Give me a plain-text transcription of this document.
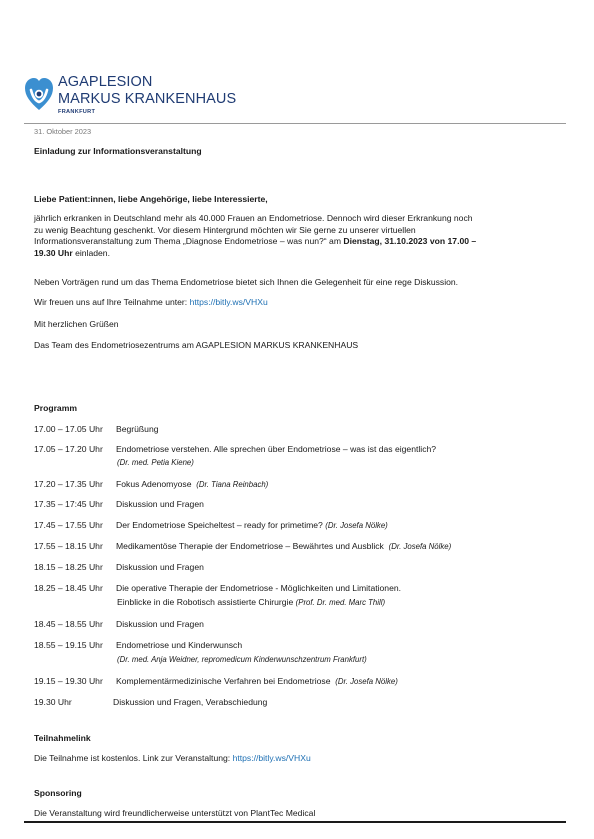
AGAPLESION
MARKUS KRANKENHAUS
FRANKFURT
31. Oktober 2023
Einladung zur Informationsveranstaltung
Liebe Patient:innen, liebe Angehörige, liebe Interessierte,
jährlich erkranken in Deutschland mehr als 40.000 Frauen an Endometriose. Dennoch wird dieser Erkrankung noch
zu wenig Beachtung geschenkt. Vor diesem Hintergrund möchten wir Sie gerne zu unserer virtuellen
Informationsveranstaltung zum Thema „Diagnose Endometriose – was nun?“ am Dienstag, 31.10.2023 von 17.00 –
19.30 Uhr einladen.
Neben Vorträgen rund um das Thema Endometriose bietet sich Ihnen die Gelegenheit für eine rege Diskussion.
Wir freuen uns auf Ihre Teilnahme unter: https://bitly.ws/VHXu
Mit herzlichen Grüßen
Das Team des Endometriosezentrums am AGAPLESION MARKUS KRANKENHAUS
Programm
17.00 – 17.05 Uhr Begrüßung
17.05 – 17.20 Uhr Endometriose verstehen. Alle sprechen über Endometriose – was ist das eigentlich?
(Dr. med. Petia Kiene)
17.20 – 17.35 Uhr Fokus Adenomyose (Dr. Tiana Reinbach)
17.35 – 17:45 Uhr Diskussion und Fragen
17.45 – 17.55 Uhr Der Endometriose Speicheltest – ready for primetime? (Dr. Josefa Nölke)
17.55 – 18.15 Uhr Medikamentöse Therapie der Endometriose – Bewährtes und Ausblick (Dr. Josefa Nölke)
18.15 – 18.25 Uhr Diskussion und Fragen
18.25 – 18.45 Uhr Die operative Therapie der Endometriose - Möglichkeiten und Limitationen.
Einblicke in die Robotisch assistierte Chirurgie (Prof. Dr. med. Marc Thill)
18.45 – 18.55 Uhr Diskussion und Fragen
18.55 – 19.15 Uhr Endometriose und Kinderwunsch
(Dr. med. Anja Weidner, repromedicum Kinderwunschzentrum Frankfurt)
19.15 – 19.30 Uhr Komplementärmedizinische Verfahren bei Endometriose (Dr. Josefa Nölke)
19.30 Uhr	Diskussion und Fragen, Verabschiedung
Teilnahmelink
Die Teilnahme ist kostenlos. Link zur Veranstaltung: https://bitly.ws/VHXu
Sponsoring
Die Veranstaltung wird freundlicherweise unterstützt von PlantTec Medical
